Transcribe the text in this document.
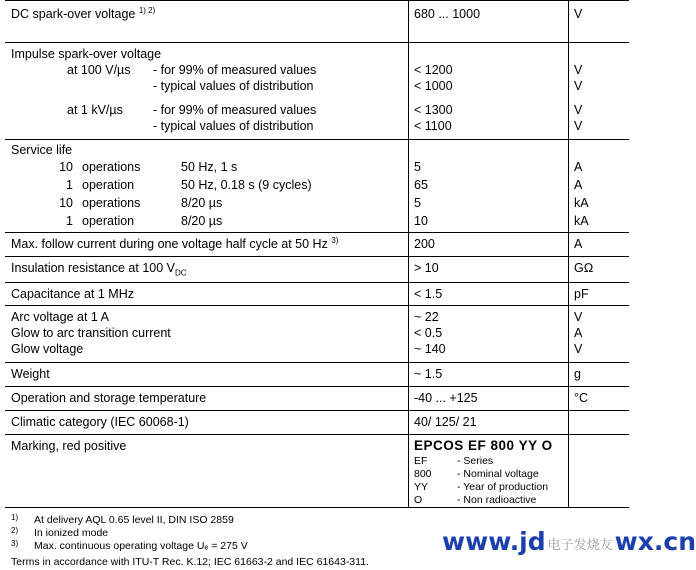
DC spark-over voltage $^{1) 2)}$	680 ... 1000	V
Impulse spark-over voltage
at 100 V/µs - for 99% of measured values	< 1200	V
- typical values of distribution	< 1000	V
at 1 kV/µs - for 99% of measured values	< 1300	V
- typical values of distribution	< 1100	V
Service life
10 operations	50 Hz, 1 s	5	A
1 operation	50 Hz, 0.18 s (9 cycles)	65	A
10 operations	8/20 µs	5	kA
1 operation	8/20 µs	10	kA
Max. follow current during one voltage half cycle at 50 Hz $^{3)}$	200	A
Insulation resistance at 100 $V_{DC}$	> 10	GΩ
Capacitance at 1 MHz	< 1.5	pF
Arc voltage at 1 A	~ 22	V
Glow to arc transition current	< 0.5	A
Glow voltage	~ 140	V
Weight	~ 1.5	g
Operation and storage temperature	-40 ... +125	°C
Climatic category (IEC 60068-1)	40/ 125/ 21
Marking, red positive	EPCOS EF 800 YY O
EF	- Series
800 - Nominal voltage
YY	- Year of production
O	- Non radioactive
1) At delivery AQL 0.65 level II, DIN ISO 2859
2) In ionized mode
3) Max. continuous operating voltage Uₑ = 275 V
Terms in accordance with ITU-T Rec. K.12; IEC 61663-2 and IEC 61643-311.
www.jd 电子发烧友wx.cn
